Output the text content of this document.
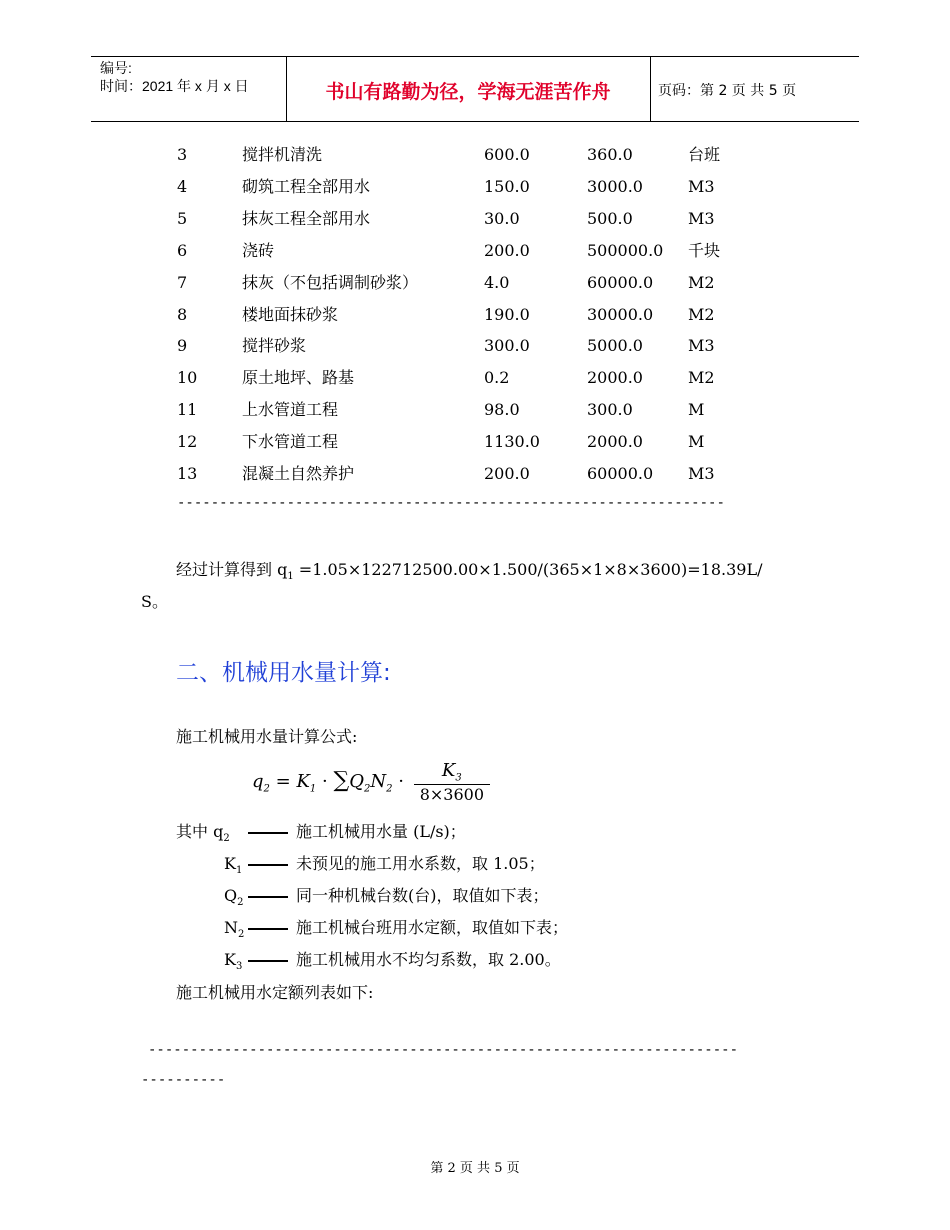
编号:
时间：2021 年 x 月 x 日	书山有路勤为径，学海无涯苦作舟	页码：第 2 页 共 5 页
3	搅拌机清洗	600.0	360.0	台班
4	砌筑工程全部用水	150.0	3000.0	M3
5	抹灰工程全部用水	30.0	500.0	M3
6	浇砖	200.0	500000.0 千块
7	抹灰（不包括调制砂浆）	4.0	60000.0 M2
8	楼地面抹砂浆	190.0	30000.0 M2
9	搅拌砂浆	300.0	5000.0	M3
10	原土地坪、路基	0.2	2000.0	M2
11	上水管道工程	98.0	300.0	M
12	下水管道工程	1130.0	2000.0	M
13	混凝土自然养护	200.0	60000.0 M3
-----------------------------------------------------------------
经过计算得到 $q_1 =1.05\times 122712500.00\times 1.500/(365\times 1\times 8\times 3600)=18.39L/$
S。
二、机械用水量计算:
施工机械用水量计算公式:
$q_2 = K_1 \cdot \sum Q_2N_2 \cdot \frac{K_3}{8\times 3600}$
其中 $q_2$	施工机械用水量 (L/s)；
$K_1$	未预见的施工用水系数，取 1.05；
$Q_2$	同一种机械台数(台)，取值如下表；
$N_2$	施工机械台班用水定额，取值如下表；
$K_3$	施工机械用水不均匀系数，取 2.00。
施工机械用水定额列表如下:
----------------------------------------------------------------------
----------
第 2 页 共 5 页
